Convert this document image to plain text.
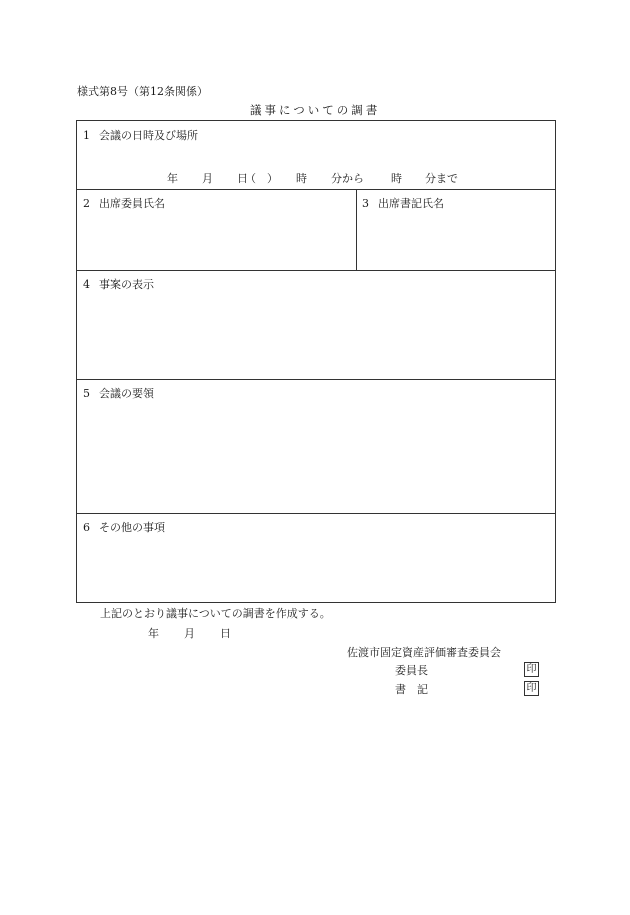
様式第8号（第12条関係）
議事についての調書
1 会議の日時及び場所
年 月 日
（　） 時 分から 時 分まで
2 出席委員氏名	3 出席書記氏名
4 事案の表示
5 会議の要領
6 その他の事項
上記のとおり議事についての調書を作成する。
年 月 日
佐渡市固定資産評価審査委員会
委員長	印
書　記	印
